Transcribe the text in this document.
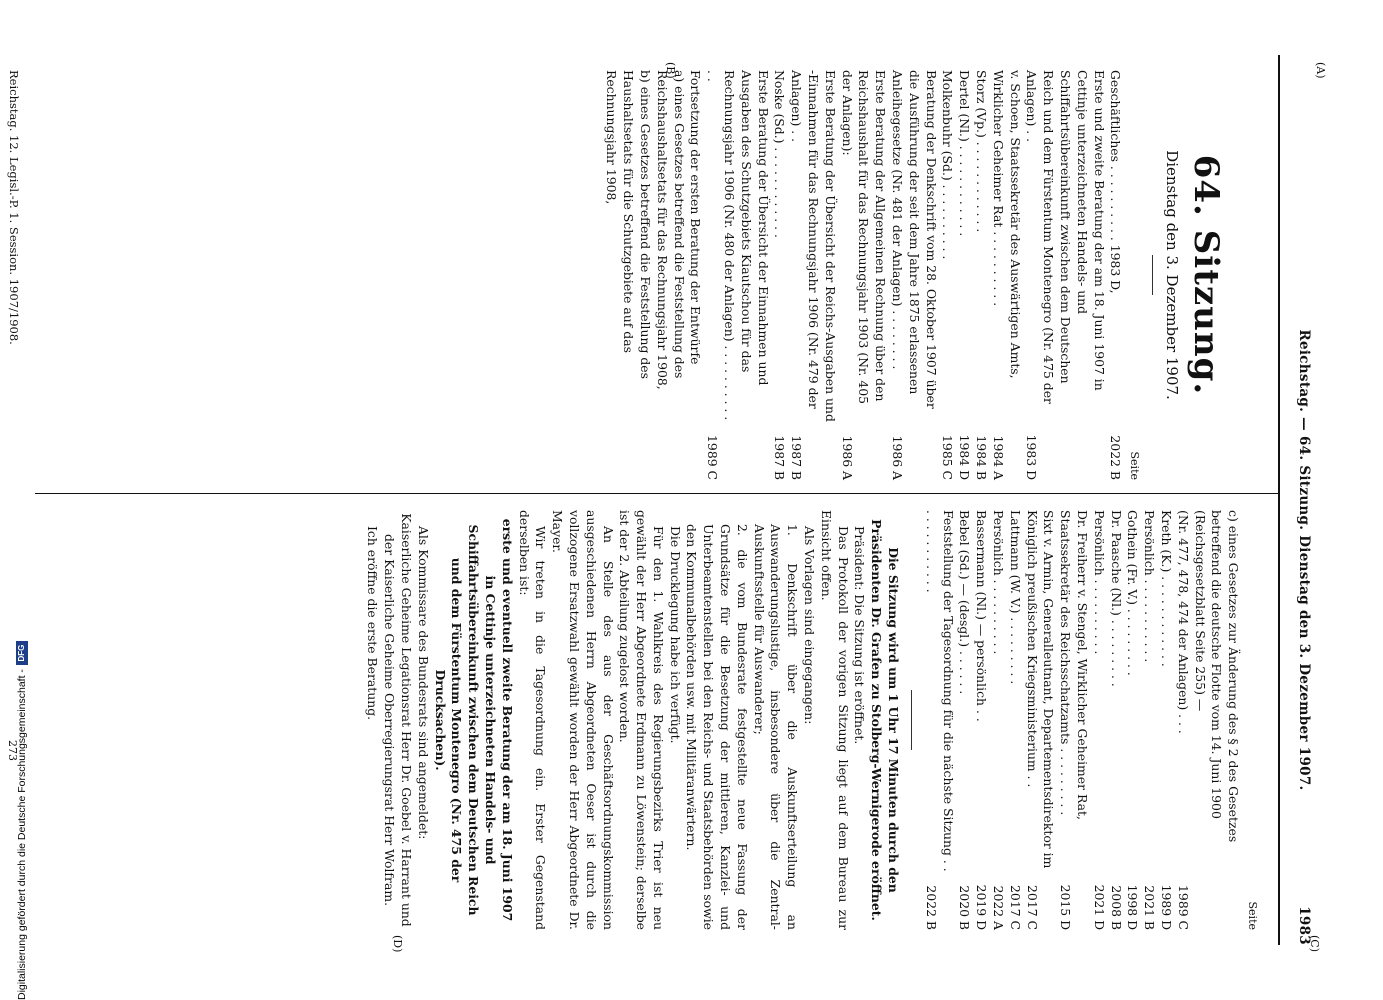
(A)
(B)
(C)
Reichstag. — 64. Sitzung. Dienstag den 3. Dezember 1907.
1983
64. Sitzung.
Dienstag den 3. Dezember 1907.
Seite
Geschäftliches . . . . . . . . . . 1983 D,
2022 B
Erste und zweite Beratung der am 18. Juni 1907 in Cettinje unterzeichneten Handels- und Schiffahrtsübereinkunft zwischen dem Deutschen Reich und dem Fürstentum Montenegro (Nr. 475 der Anlagen) . .
1983 D
v. Schoen, Staatssekretär des Auswärtigen Amts, Wirklicher Geheimer Rat . . . . . . . . . .
1984 A
Storz (Vp.) . . . . . . . . . . . .
1984 B
Dertel (Nl.) . . . . . . . . . . . .
1984 D
Molkenbuhr (Sd.) . . . . . . . . . .
1985 C
Beratung der Denkschrift vom 28. Oktober 1907 über die Ausführung der seit dem Jahre 1875 erlassenen Anleihegesetze (Nr. 481 der Anlagen) . . . . . . . .
1986 A
Erste Beratung der Allgemeinen Rechnung über den Reichshaushalt für das Rechnungsjahr 1903 (Nr. 405 der Anlagen):
1986 A
Erste Beratung der Übersicht der Reichs-Ausgaben und -Einnahmen für das Rechnungsjahr 1906 (Nr. 479 der Anlagen) . .
1987 B
Noske (Sd.) . . . . . . . . . . . .
1987 B
Erste Beratung der Übersicht der Einnahmen und Ausgaben des Schutzgebiets Kiautschou für das Rechnungsjahr 1906 (Nr. 480 der Anlagen) . . . . . . . . . . . .
1989 C
Fortsetzung der ersten Beratung der Entwürfe
a) eines Gesetzes betreffend die Feststellung des Reichshaushaltsetats für das Rechnungsjahr 1908,
b) eines Gesetzes betreffend die Feststellung des Haushaltsetats für die Schutzgebiete auf das Rechnungsjahr 1908,
Seite
c) eines Gesetzes zur Änderung des § 2 des Gesetzes betreffend die deutsche Flotte vom 14. Juni 1900 (Reichsgesetzblatt Seite 255) —
(Nr. 477, 478, 474 der Anlagen) . . .
1989 C
Kreth (K.) . . . . . . . . . . . .
1989 D
Persönlich . . . . . . . . . . .
2021 B
Gothein (Fr. V.) . . . . . . . . .
1998 D
Dr. Paasche (Nl.) . . . . . . . . .
2008 B
Persönlich . . . . . . . . . .
2021 D
Dr. Freiherr v. Stengel, Wirklicher Geheimer Rat, Staatssekretär des Reichsschatzamts . . . . . . . . .
2015 D
Sixt v. Armin, Generalleutnant, Departementsdirektor im Königlich preußischen Kriegsministerium . .
2017 C
Lattmann (W. V.) . . . . . . . . .
2017 C
Persönlich . . . . . . . . . .
2022 A
Bassermann (Nl.) — persönlich . .
2019 D
Bebel (Sd.) — (desgl.) . . . . . .
2020 B
Feststellung der Tagesordnung für die nächste Sitzung . . . . . . . . . . . . .
2022 B

Die Sitzung wird um 1 Uhr 17 Minuten durch den Präsidenten Dr. Grafen zu Stolberg-Wernigerode eröffnet.

Präsident: Die Sitzung ist eröffnet.

Das Protokoll der vorigen Sitzung liegt auf dem Bureau zur Einsicht offen.

Als Vorlagen sind eingegangen:

1. Denkschrift über die Auskunftserteilung an Auswanderungslustige, insbesondere über die Zentral-Auskunftsstelle für Auswanderer;

2. die vom Bundesrate festgestellte neue Fassung der Grundsätze für die Besetzung der mittleren, Kanzlei- und Unterbeamtenstellen bei den Reichs- und Staatsbehörden sowie den Kommunalbehörden usw. mit Militäranwärtern.

Die Drucklegung habe ich verfügt.

Für den 1. Wahlkreis des Regierungsbezirks Trier ist neu gewählt der Herr Abgeordnete Erdmann zu Löwenstein; derselbe ist der 2. Abteilung zugelost worden.

An Stelle des aus der Geschäftsordnungskommission ausgeschiedenen Herrn Abgeordneten Oeser ist durch die vollzogene Ersatzwahl gewählt worden der Herr Abgeordnete Dr. Mayer.

Wir treten in die Tagesordnung ein. Erster Gegenstand derselben ist:

erste und eventuell zweite Beratung der am 18. Juni 1907 in Cettinje unterzeichneten Handels- und Schiffahrtsübereinkunft zwischen dem Deutschen Reich und dem Fürstentum Montenegro (Nr. 475 der Drucksachen).

Als Kommissare des Bundesrats sind angemeldet:

Kaiserliche Geheime Legationsrat Herr Dr. Goebel v. Harrant und der Kaiserliche Geheime Oberregierungsrat Herr Wolfram.

Ich eröffne die erste Beratung.

Reichstag. 12. Legisl.-P. 1. Session. 1907/1908.
273
(D)
Digitalisierung gefördert durch die Deutsche Forschungsgemeinschaft -
DFG
